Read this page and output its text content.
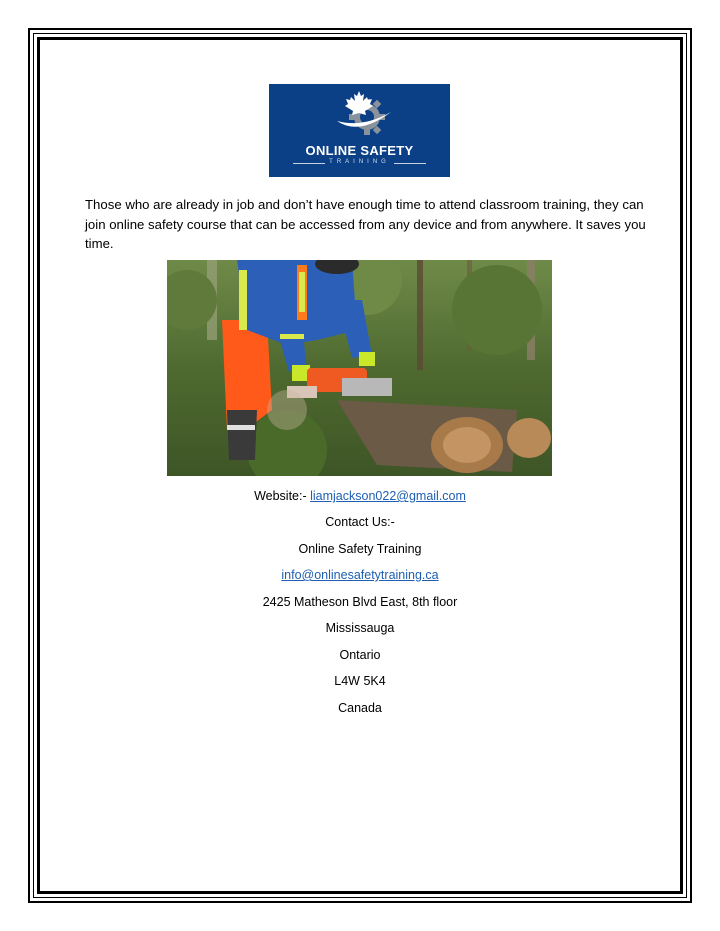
ONLINE SAFETY
TRAINING

Those who are already in job and don’t have enough time to attend classroom training, they can join online safety course that can be accessed from any device and from anywhere. It saves you time.

Website:- liamjackson022@gmail.com

Contact Us:-

Online Safety Training

info@onlinesafetytraining.ca

2425 Matheson Blvd East, 8th floor

Mississauga

Ontario

L4W 5K4

Canada
